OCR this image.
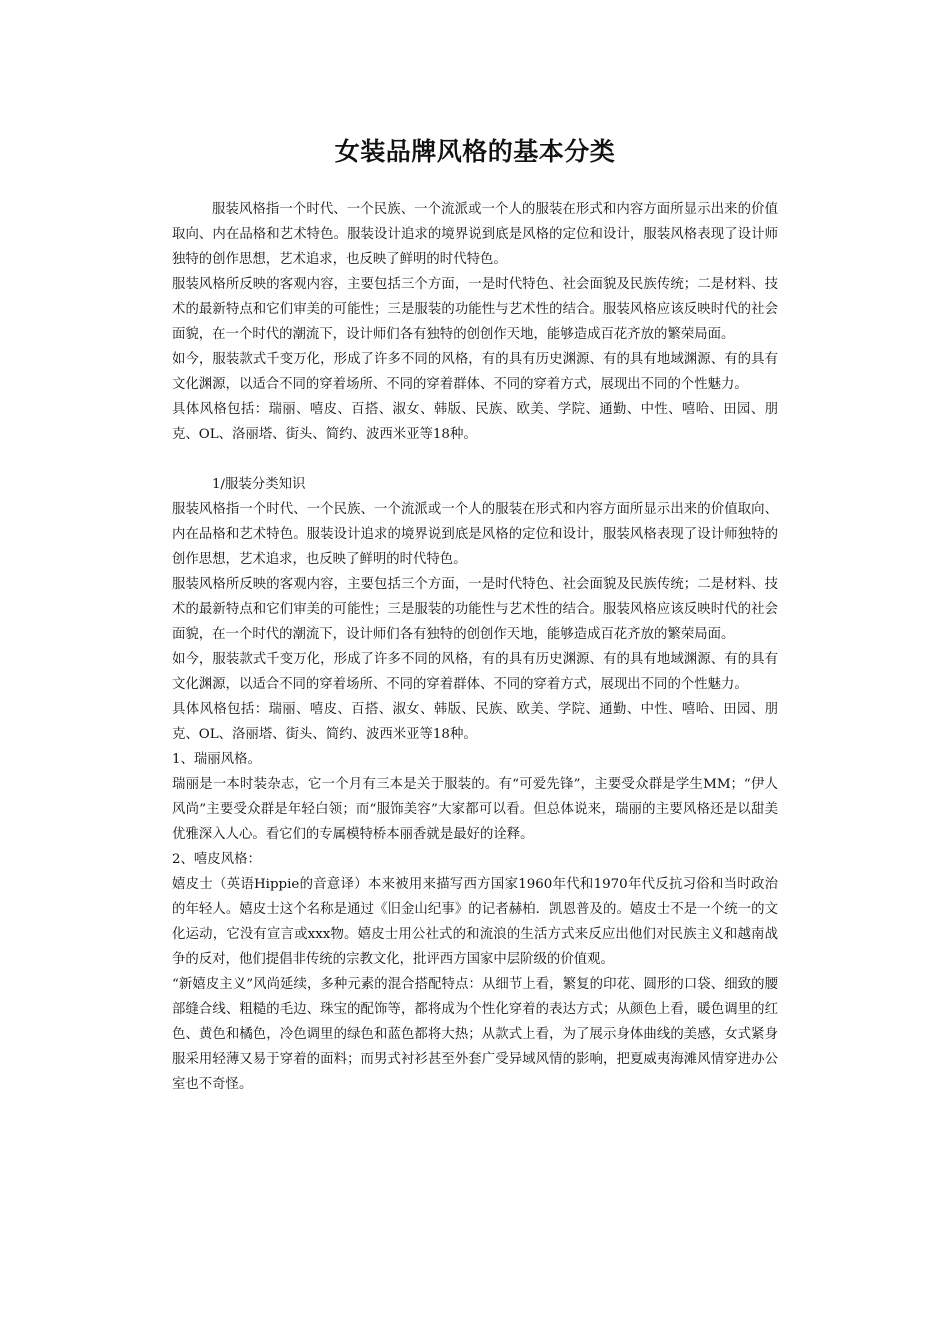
女装品牌风格的基本分类

服装风格指一个时代、一个民族、一个流派或一个人的服装在形式和内容方面所显示出来的价值取向、内在品格和艺术特色。服装设计追求的境界说到底是风格的定位和设计，服装风格表现了设计师独特的创作思想，艺术追求，也反映了鲜明的时代特色。

服装风格所反映的客观内容，主要包括三个方面，一是时代特色、社会面貌及民族传统；二是材料、技术的最新特点和它们审美的可能性；三是服装的功能性与艺术性的结合。服装风格应该反映时代的社会面貌，在一个时代的潮流下，设计师们各有独特的创创作天地，能够造成百花齐放的繁荣局面。

如今，服装款式千变万化，形成了许多不同的风格，有的具有历史渊源、有的具有地域渊源、有的具有文化渊源，以适合不同的穿着场所、不同的穿着群体、不同的穿着方式，展现出不同的个性魅力。

具体风格包括：瑞丽、嘻皮、百搭、淑女、韩版、民族、欧美、学院、通勤、中性、嘻哈、田园、朋克、OL、洛丽塔、街头、简约、波西米亚等18种。

1/服装分类知识

服装风格指一个时代、一个民族、一个流派或一个人的服装在形式和内容方面所显示出来的价值取向、内在品格和艺术特色。服装设计追求的境界说到底是风格的定位和设计，服装风格表现了设计师独特的创作思想，艺术追求，也反映了鲜明的时代特色。

服装风格所反映的客观内容，主要包括三个方面，一是时代特色、社会面貌及民族传统；二是材料、技术的最新特点和它们审美的可能性；三是服装的功能性与艺术性的结合。服装风格应该反映时代的社会面貌，在一个时代的潮流下，设计师们各有独特的创创作天地，能够造成百花齐放的繁荣局面。

如今，服装款式千变万化，形成了许多不同的风格，有的具有历史渊源、有的具有地域渊源、有的具有文化渊源，以适合不同的穿着场所、不同的穿着群体、不同的穿着方式，展现出不同的个性魅力。

具体风格包括：瑞丽、嘻皮、百搭、淑女、韩版、民族、欧美、学院、通勤、中性、嘻哈、田园、朋克、OL、洛丽塔、街头、简约、波西米亚等18种。

1、瑞丽风格。

瑞丽是一本时装杂志，它一个月有三本是关于服装的。有“可爱先锋”，主要受众群是学生MM；“伊人风尚”主要受众群是年轻白领；而“服饰美容”大家都可以看。但总体说来，瑞丽的主要风格还是以甜美优雅深入人心。看它们的专属模特桥本丽香就是最好的诠释。

2、嘻皮风格：

嬉皮士（英语Hippie的音意译）本来被用来描写西方国家1960年代和1970年代反抗习俗和当时政治的年轻人。嬉皮士这个名称是通过《旧金山纪事》的记者赫柏．凯恩普及的。嬉皮士不是一个统一的文化运动，它没有宣言或xxx物。嬉皮士用公社式的和流浪的生活方式来反应出他们对民族主义和越南战争的反对，他们提倡非传统的宗教文化，批评西方国家中层阶级的价值观。

“新嬉皮主义”风尚延续，多种元素的混合搭配特点：从细节上看，繁复的印花、圆形的口袋、细致的腰部缝合线、粗糙的毛边、珠宝的配饰等，都将成为个性化穿着的表达方式；从颜色上看，暖色调里的红色、黄色和橘色，冷色调里的绿色和蓝色都将大热；从款式上看，为了展示身体曲线的美感，女式紧身服采用轻薄又易于穿着的面料；而男式衬衫甚至外套广受异域风情的影响，把夏威夷海滩风情穿进办公室也不奇怪。
